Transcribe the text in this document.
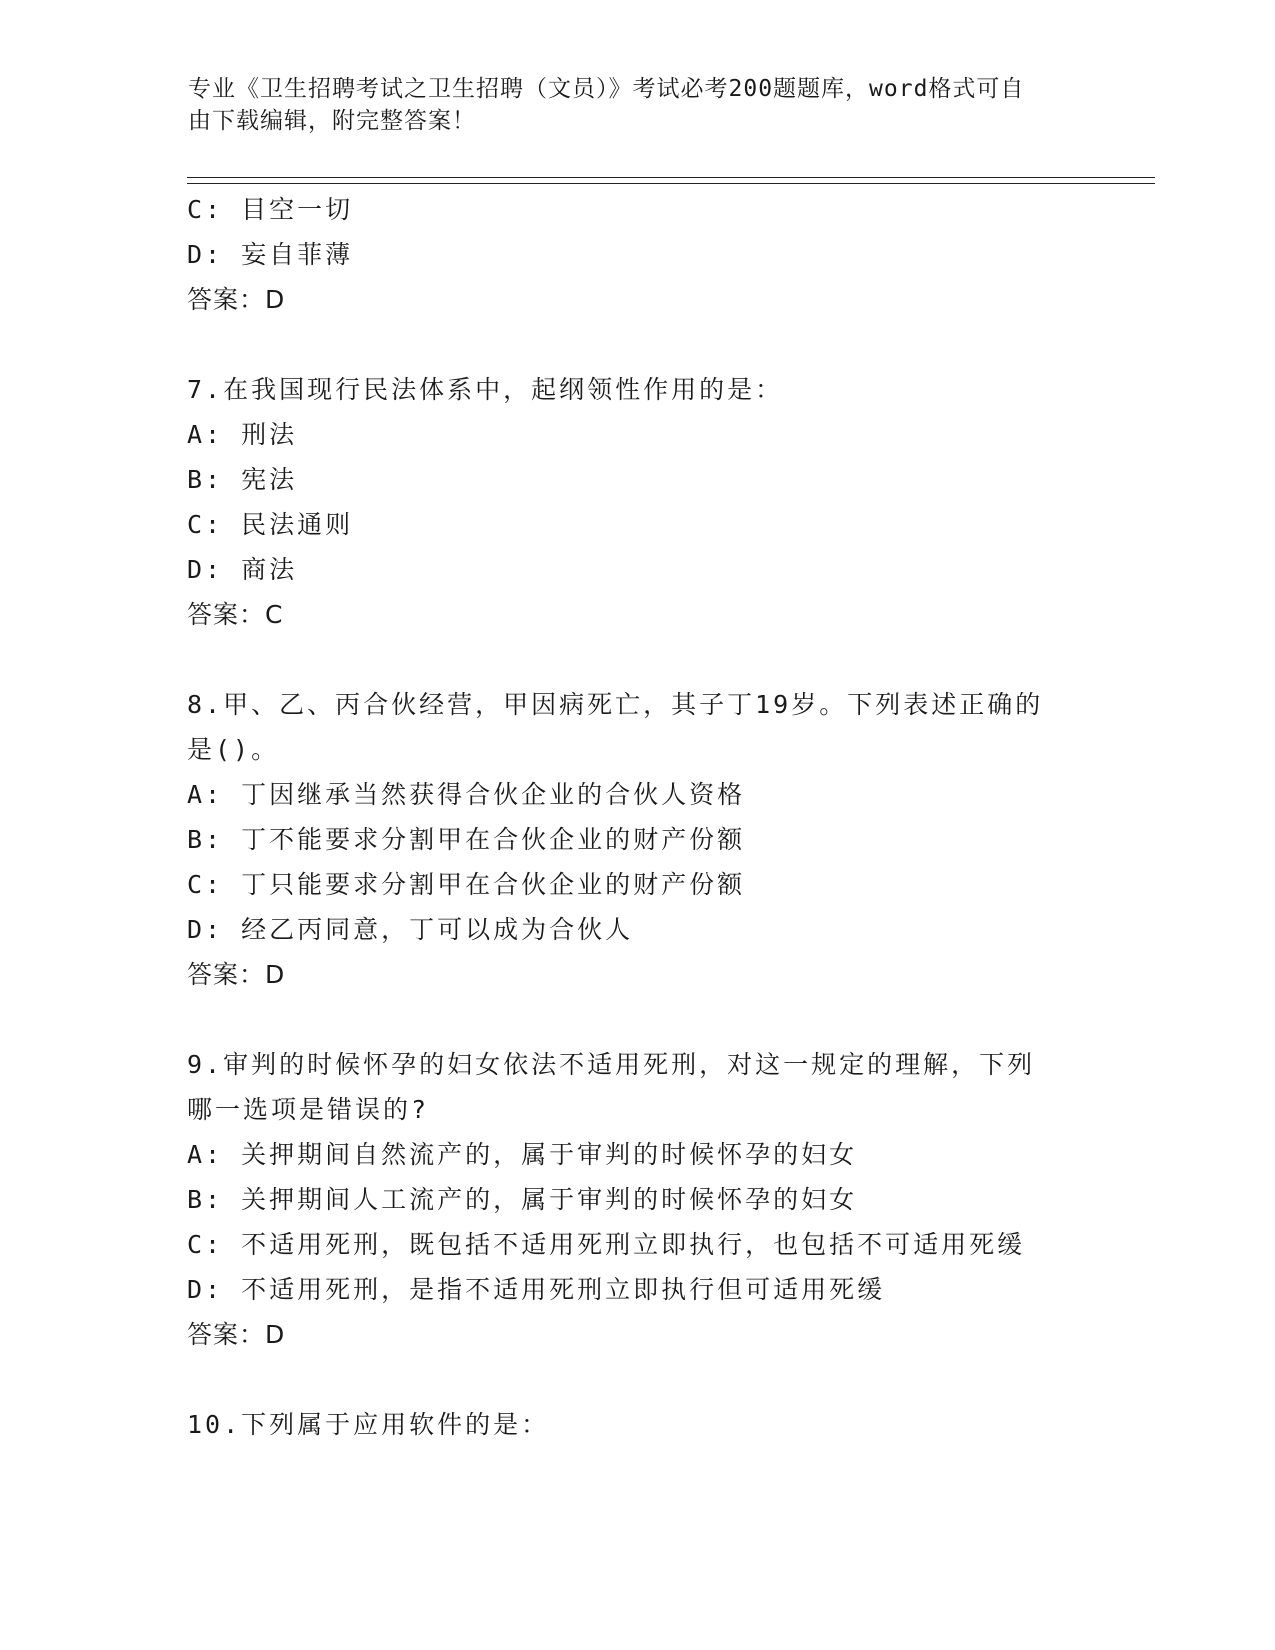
专业《卫生招聘考试之卫生招聘（文员）》考试必考200题题库，word格式可自
由下载编辑，附完整答案！
C: 目空一切
D: 妄自菲薄
答案：D
7.在我国现行民法体系中，起纲领性作用的是：
A: 刑法
B: 宪法
C: 民法通则
D: 商法
答案：C
8.甲、乙、丙合伙经营，甲因病死亡，其子丁19岁。下列表述正确的
是()。
A: 丁因继承当然获得合伙企业的合伙人资格
B: 丁不能要求分割甲在合伙企业的财产份额
C: 丁只能要求分割甲在合伙企业的财产份额
D: 经乙丙同意，丁可以成为合伙人
答案：D
9.审判的时候怀孕的妇女依法不适用死刑，对这一规定的理解，下列
哪一选项是错误的?
A: 关押期间自然流产的，属于审判的时候怀孕的妇女
B: 关押期间人工流产的，属于审判的时候怀孕的妇女
C: 不适用死刑，既包括不适用死刑立即执行，也包括不可适用死缓
D: 不适用死刑，是指不适用死刑立即执行但可适用死缓
答案：D
10.下列属于应用软件的是：
